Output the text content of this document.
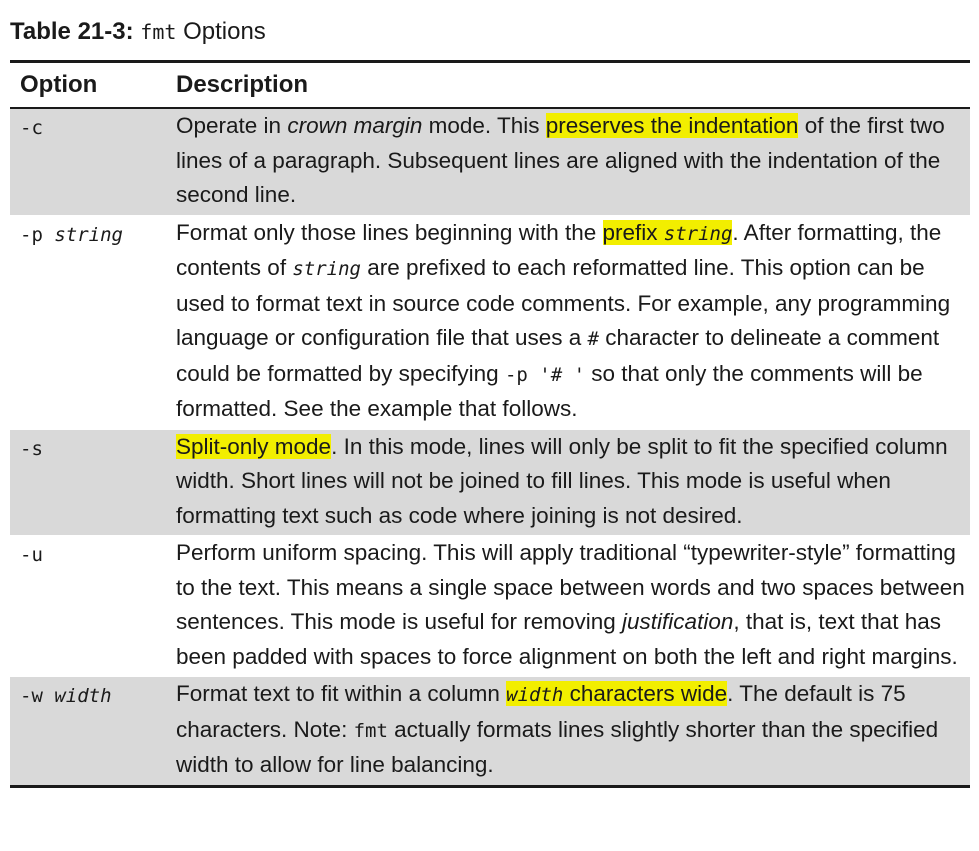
Table 21-3: fmt Options
Option	Description
-c	Operate in crown margin mode. This preserves the indentation of the first two lines of a paragraph. Subsequent lines are aligned with the indentation of the second line.
-p string	Format only those lines beginning with the prefix string. After formatting, the contents of string are prefixed to each reformatted line. This option can be used to format text in source code comments. For example, any programming language or configuration file that uses a # character to delineate a comment could be formatted by specifying -p '# ' so that only the comments will be formatted. See the example that follows.
-s	Split-only mode. In this mode, lines will only be split to fit the specified column width. Short lines will not be joined to fill lines. This mode is useful when formatting text such as code where joining is not desired.
-u	Perform uniform spacing. This will apply traditional “typewriter-style” formatting to the text. This means a single space between words and two spaces between sentences. This mode is useful for removing justification, that is, text that has been padded with spaces to force alignment on both the left and right margins.
-w width	Format text to fit within a column width characters wide. The default is 75 characters. Note: fmt actually formats lines slightly shorter than the specified width to allow for line balancing.
